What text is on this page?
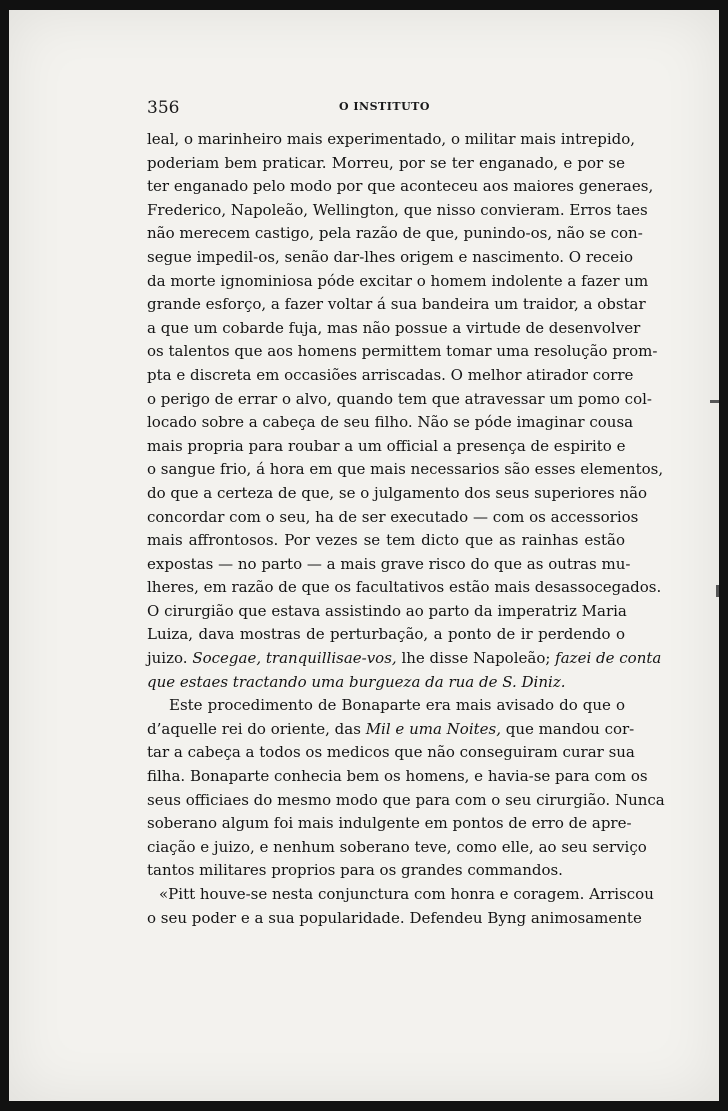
356	O INSTITUTO
leal, o marinheiro mais experimentado, o militar mais intrepido,
poderiam bem praticar. Morreu, por se ter enganado, e por se
ter enganado pelo modo por que aconteceu aos maiores generaes,
Frederico, Napoleão, Wellington, que nisso convieram. Erros taes
não merecem castigo, pela razão de que, punindo-os, não se con-
segue impedil-os, senão dar-lhes origem e nascimento. O receio
da morte ignominiosa póde excitar o homem indolente a fazer um
grande esforço, a fazer voltar á sua bandeira um traidor, a obstar
a que um cobarde fuja, mas não possue a virtude de desenvolver
os talentos que aos homens permittem tomar uma resolução prom-
pta e discreta em occasiões arriscadas. O melhor atirador corre
o perigo de errar o alvo, quando tem que atravessar um pomo col-
locado sobre a cabeça de seu filho. Não se póde imaginar cousa
mais propria para roubar a um official a presença de espirito e
o sangue frio, á hora em que mais necessarios são esses elementos,
do que a certeza de que, se o julgamento dos seus superiores não
concordar com o seu, ha de ser executado — com os accessorios
mais affrontosos. Por vezes se tem dicto que as rainhas estão
expostas — no parto — a mais grave risco do que as outras mu-
lheres, em razão de que os facultativos estão mais desassocegados.
O cirurgião que estava assistindo ao parto da imperatriz Maria
Luiza, dava mostras de perturbação, a ponto de ir perdendo o
juizo. Socegae, tranquillisae-vos, lhe disse Napoleão; fazei de conta
que estaes tractando uma burgueza da rua de S. Diniz.
Este procedimento de Bonaparte era mais avisado do que o
d’aquelle rei do oriente, das Mil e uma Noites, que mandou cor-
tar a cabeça a todos os medicos que não conseguiram curar sua
filha. Bonaparte conhecia bem os homens, e havia-se para com os
seus officiaes do mesmo modo que para com o seu cirurgião. Nunca
soberano algum foi mais indulgente em pontos de erro de apre-
ciação e juizo, e nenhum soberano teve, como elle, ao seu serviço
tantos militares proprios para os grandes commandos.
«Pitt houve-se nesta conjunctura com honra e coragem. Arriscou
o seu poder e a sua popularidade. Defendeu Byng animosamente
